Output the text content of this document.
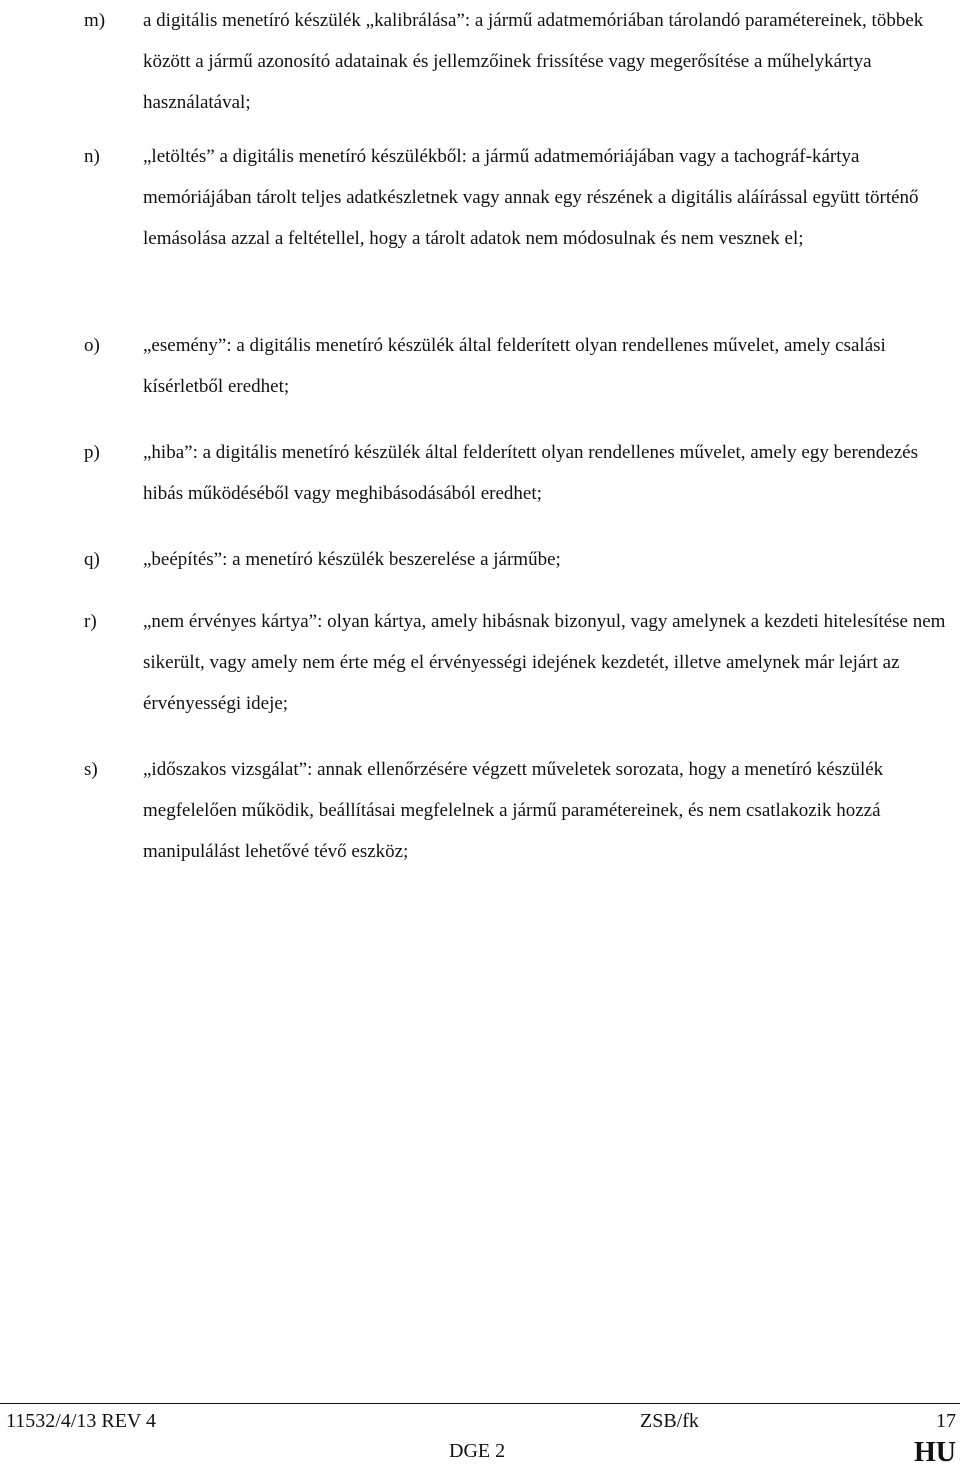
m) a digitális menetíró készülék „kalibrálása”: a jármű adatmemóriában tárolandó paramétereinek, többek között a jármű azonosító adatainak és jellemzőinek frissítése vagy megerősítése a műhelykártya használatával;
n) „letöltés” a digitális menetíró készülékből: a jármű adatmemóriájában vagy a tachográf-kártya memóriájában tárolt teljes adatkészletnek vagy annak egy részének a digitális aláírással együtt történő lemásolása azzal a feltétellel, hogy a tárolt adatok nem módosulnak és nem vesznek el;
o) „esemény”: a digitális menetíró készülék által felderített olyan rendellenes művelet, amely csalási kísérletből eredhet;
p) „hiba”: a digitális menetíró készülék által felderített olyan rendellenes művelet, amely egy berendezés hibás működéséből vagy meghibásodásából eredhet;
q) „beépítés”: a menetíró készülék beszerelése a járműbe;
r) „nem érvényes kártya”: olyan kártya, amely hibásnak bizonyul, vagy amelynek a kezdeti hitelesítése nem sikerült, vagy amely nem érte még el érvényességi idejének kezdetét, illetve amelynek már lejárt az érvényességi ideje;
s) „időszakos vizsgálat”: annak ellenőrzésére végzett műveletek sorozata, hogy a menetíró készülék megfelelően működik, beállításai megfelelnek a jármű paramétereinek, és nem csatlakozik hozzá manipulálást lehetővé tévő eszköz;
11532/4/13 REV 4	ZSB/fk	17
DGE 2	HU
